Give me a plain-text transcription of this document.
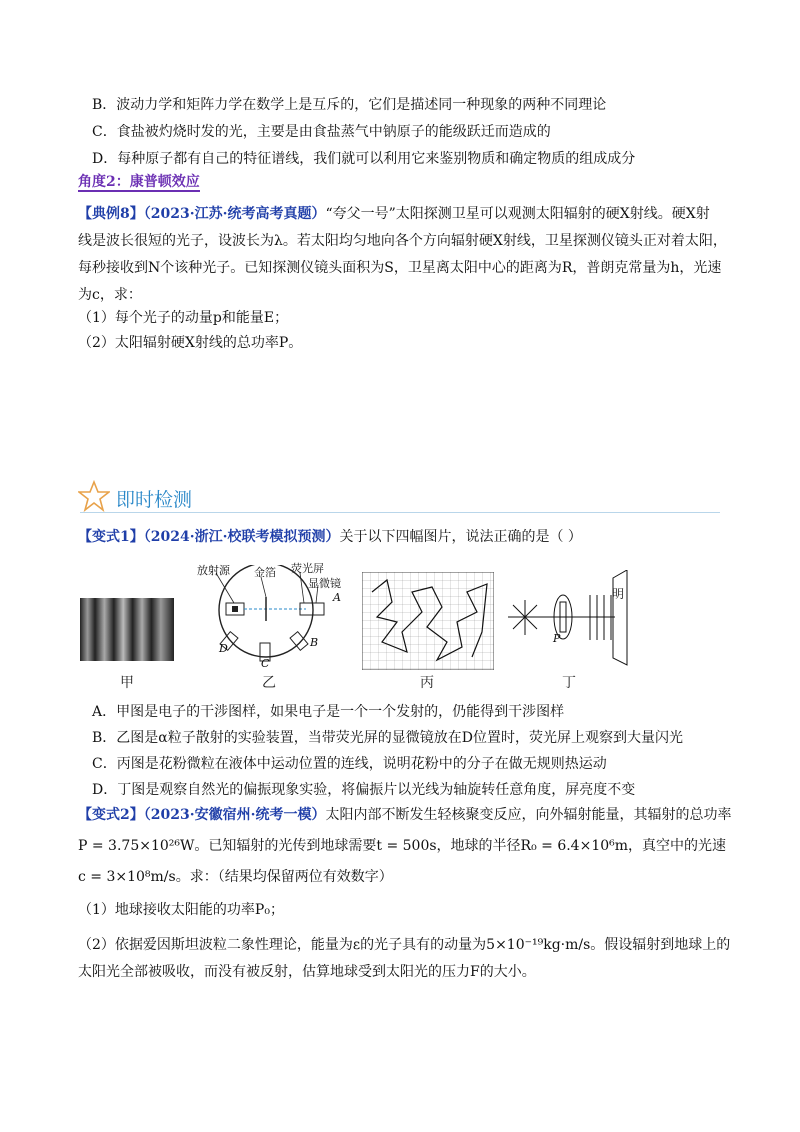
B．波动力学和矩阵力学在数学上是互斥的，它们是描述同一种现象的两种不同理论
C．食盐被灼烧时发的光，主要是由食盐蒸气中钠原子的能级跃迁而造成的
D．每种原子都有自己的特征谱线，我们就可以利用它来鉴别物质和确定物质的组成成分
角度2：康普顿效应
【典例8】（2023·江苏·统考高考真题）“夸父一号”太阳探测卫星可以观测太阳辐射的硬X射线。硬X射
线是波长很短的光子，设波长为λ。若太阳均匀地向各个方向辐射硬X射线，卫星探测仪镜头正对着太阳，
每秒接收到N个该种光子。已知探测仪镜头面积为S，卫星离太阳中心的距离为R，普朗克常量为h，光速
为c，求：
（1）每个光子的动量p和能量E；
（2）太阳辐射硬X射线的总功率P。
即时检测
【变式1】（2024·浙江·校联考模拟预测）关于以下四幅图片，说法正确的是（ ）
放射源 金箔 荧光屏
显微镜
A
B
C
D
P
明
甲	乙	丙	丁
A．甲图是电子的干涉图样，如果电子是一个一个发射的，仍能得到干涉图样
B．乙图是α粒子散射的实验装置，当带荧光屏的显微镜放在D位置时，荧光屏上观察到大量闪光
C．丙图是花粉微粒在液体中运动位置的连线，说明花粉中的分子在做无规则热运动
D．丁图是观察自然光的偏振现象实验，将偏振片以光线为轴旋转任意角度，屏亮度不变
【变式2】（2023·安徽宿州·统考一模）太阳内部不断发生轻核聚变反应，向外辐射能量，其辐射的总功率
P = 3.75×10²⁶W。已知辐射的光传到地球需要t = 500s，地球的半径R₀ = 6.4×10⁶m，真空中的光速
c = 3×10⁸m/s。求：（结果均保留两位有效数字）
（1）地球接收太阳能的功率P₀；
（2）依据爱因斯坦波粒二象性理论，能量为ε的光子具有的动量为5×10⁻¹⁹kg·m/s。假设辐射到地球上的
太阳光全部被吸收，而没有被反射，估算地球受到太阳光的压力F的大小。
